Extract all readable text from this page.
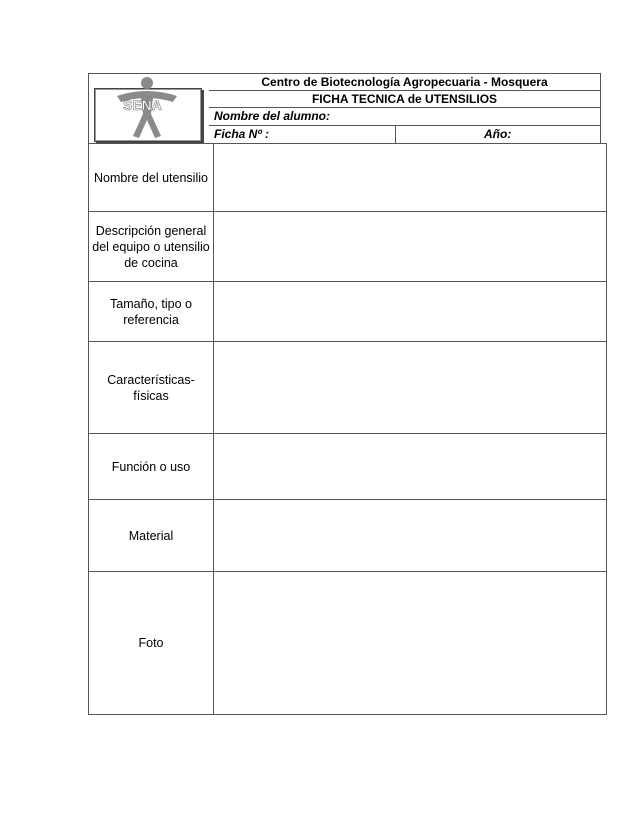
SENA
Centro de Biotecnología Agropecuaria - Mosquera
FICHA TECNICA de UTENSILIOS
Nombre del alumno:
Ficha Nº :	Año:
Nombre del utensilio	
Descripción general del equipo o utensilio de cocina	
Tamaño, tipo o referencia	
Características- físicas	
Función o uso	
Material	
Foto	
